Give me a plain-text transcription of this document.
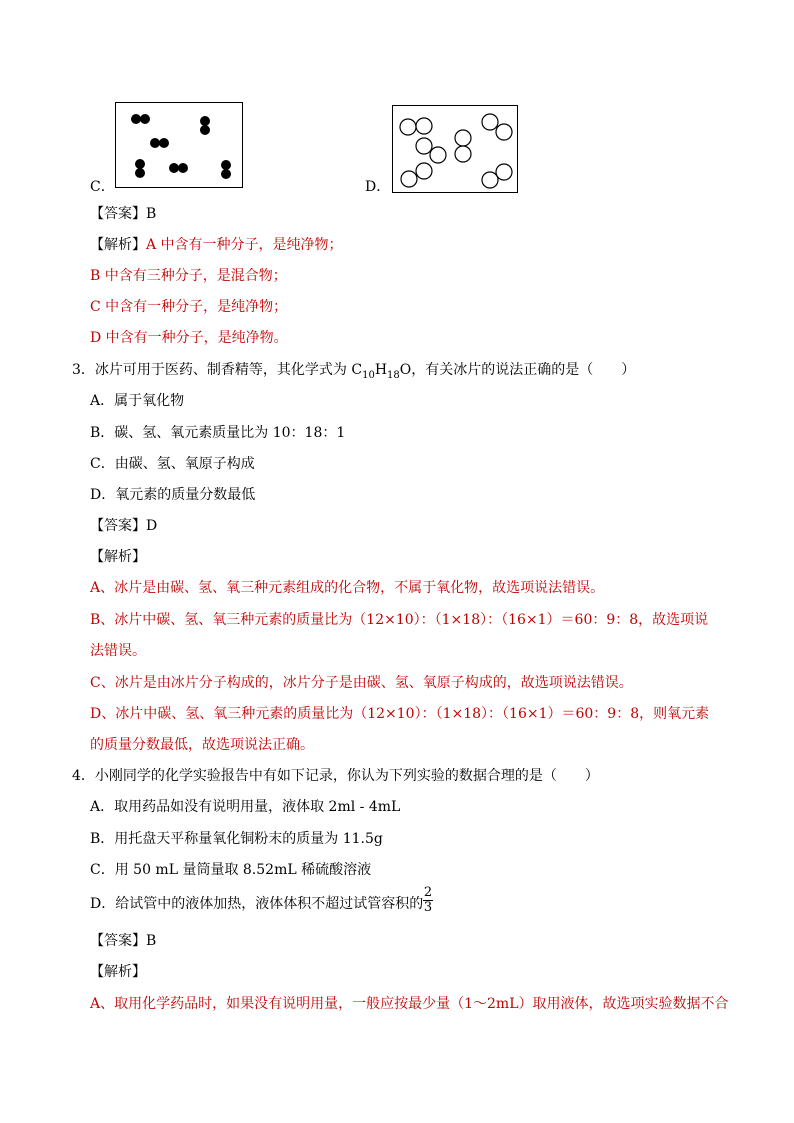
C．	D．
【答案】B
【解析】A 中含有一种分子，是纯净物；
B 中含有三种分子，是混合物；
C 中含有一种分子，是纯净物；
D 中含有一种分子，是纯净物。
3．冰片可用于医药、制香精等，其化学式为 $C_{10}H_{18}O$，有关冰片的说法正确的是（　　）
A．属于氧化物
B．碳、氢、氧元素质量比为 10：18：1
C．由碳、氢、氧原子构成
D．氧元素的质量分数最低
【答案】D
【解析】
A、冰片是由碳、氢、氧三种元素组成的化合物，不属于氧化物，故选项说法错误。
B、冰片中碳、氢、氧三种元素的质量比为（12×10）：（1×18）：（16×1）＝60：9：8，故选项说
法错误。
C、冰片是由冰片分子构成的，冰片分子是由碳、氢、氧原子构成的，故选项说法错误。
D、冰片中碳、氢、氧三种元素的质量比为（12×10）：（1×18）：（16×1）＝60：9：8，则氧元素
的质量分数最低，故选项说法正确。
4．小刚同学的化学实验报告中有如下记录，你认为下列实验的数据合理的是（　　）
A．取用药品如没有说明用量，液体取 2ml - 4mL
B．用托盘天平称量氧化铜粉末的质量为 11.5g
C．用 50 mL 量筒量取 8.52mL 稀硫酸溶液
D．给试管中的液体加热，液体体积不超过试管容积的
2
3
【答案】B
【解析】
A、取用化学药品时，如果没有说明用量，一般应按最少量（1～2mL）取用液体，故选项实验数据不合
